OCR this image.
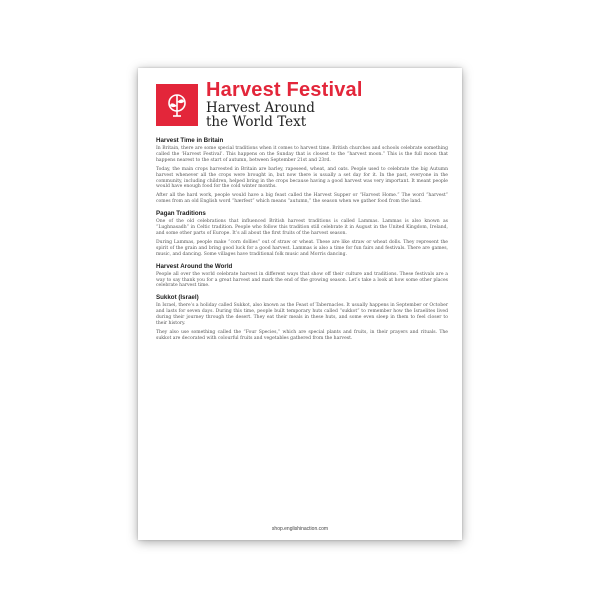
Harvest Festival
Harvest Around
the World Text
Harvest Time in Britain

In Britain, there are some special traditions when it comes to harvest time. British churches and schools celebrate something called the ‘Harvest Festival’. This happens on the Sunday that is closest to the “harvest moon.” This is the full moon that happens nearest to the start of autumn, between September 21st and 23rd.

Today, the main crops harvested in Britain are barley, rapeseed, wheat, and oats. People used to celebrate the big Autumn harvest whenever all the crops were brought in, but now there is usually a set day for it. In the past, everyone in the community, including children, helped bring in the crops because having a good harvest was very important. It meant people would have enough food for the cold winter months.

After all the hard work, people would have a big feast called the Harvest Supper or “Harvest Home.” The word “harvest” comes from an old English word “hærfest” which means “autumn,” the season when we gather food from the land.

Pagan Traditions

One of the old celebrations that influenced British harvest traditions is called Lammas. Lammas is also known as “Lughnasadh” in Celtic tradition. People who follow this tradition still celebrate it in August in the United Kingdom, Ireland, and some other parts of Europe. It’s all about the first fruits of the harvest season.

During Lammas, people make “corn dollies” out of straw or wheat. These are like straw or wheat dolls. They represent the spirit of the grain and bring good luck for a good harvest. Lammas is also a time for fun fairs and festivals. There are games, music, and dancing. Some villages have traditional folk music and Morris dancing.

Harvest Around the World

People all over the world celebrate harvest in different ways that show off their culture and traditions. These festivals are a way to say thank you for a great harvest and mark the end of the growing season. Let’s take a look at how some other places celebrate harvest time.

Sukkot (Israel)

In Israel, there’s a holiday called Sukkot, also known as the Feast of Tabernacles. It usually happens in September or October and lasts for seven days. During this time, people built temporary huts called “sukkot” to remember how the Israelites lived during their journey through the desert. They eat their meals in these huts, and some even sleep in them to feel closer to their history.

They also use something called the “Four Species,” which are special plants and fruits, in their prayers and rituals. The sukkot are decorated with colourful fruits and vegetables gathered from the harvest.

shop.englishinaction.com
